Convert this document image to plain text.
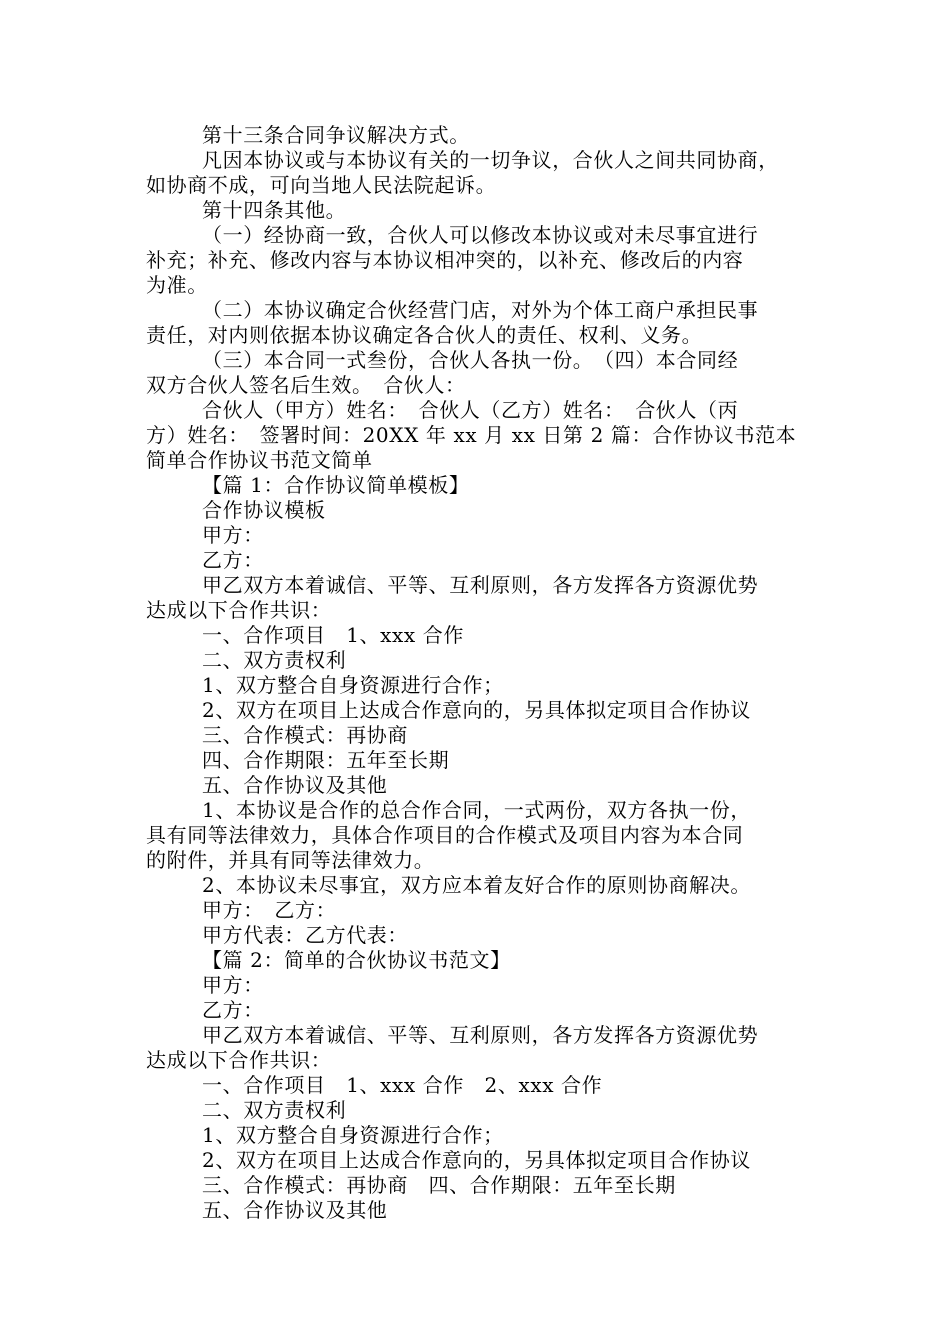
第十三条合同争议解决方式。
凡因本协议或与本协议有关的一切争议，合伙人之间共同协商，
如协商不成，可向当地人民法院起诉。
第十四条其他。
（一）经协商一致，合伙人可以修改本协议或对未尽事宜进行
补充；补充、修改内容与本协议相冲突的，以补充、修改后的内容
为准。
（二）本协议确定合伙经营门店，对外为个体工商户承担民事
责任，对内则依据本协议确定各合伙人的责任、权利、义务。
（三）本合同一式叁份，合伙人各执一份。　（四）本合同经
双方合伙人签名后生效。　合伙人：
合伙人（甲方）姓名：　合伙人（乙方）姓名：　合伙人（丙
方）姓名：　签署时间：20XX 年 xx 月 xx 日第 2 篇：合作协议书范本
简单合作协议书范文简单
【篇 1：合作协议简单模板】
合作协议模板
甲方：
乙方：
甲乙双方本着诚信、平等、互利原则，各方发挥各方资源优势
达成以下合作共识：
一、合作项目　1、xxx 合作
二、双方责权利
1、双方整合自身资源进行合作；
2、双方在项目上达成合作意向的，另具体拟定项目合作协议
三、合作模式：再协商
四、合作期限：五年至长期
五、合作协议及其他
1、本协议是合作的总合作合同，一式两份，双方各执一份，
具有同等法律效力，具体合作项目的合作模式及项目内容为本合同
的附件，并具有同等法律效力。
2、本协议未尽事宜，双方应本着友好合作的原则协商解决。
甲方：　乙方：
甲方代表：乙方代表：
【篇 2：简单的合伙协议书范文】
甲方：
乙方：
甲乙双方本着诚信、平等、互利原则，各方发挥各方资源优势
达成以下合作共识：
一、合作项目　1、xxx 合作　2、xxx 合作
二、双方责权利
1、双方整合自身资源进行合作；
2、双方在项目上达成合作意向的，另具体拟定项目合作协议
三、合作模式：再协商　四、合作期限：五年至长期
五、合作协议及其他
